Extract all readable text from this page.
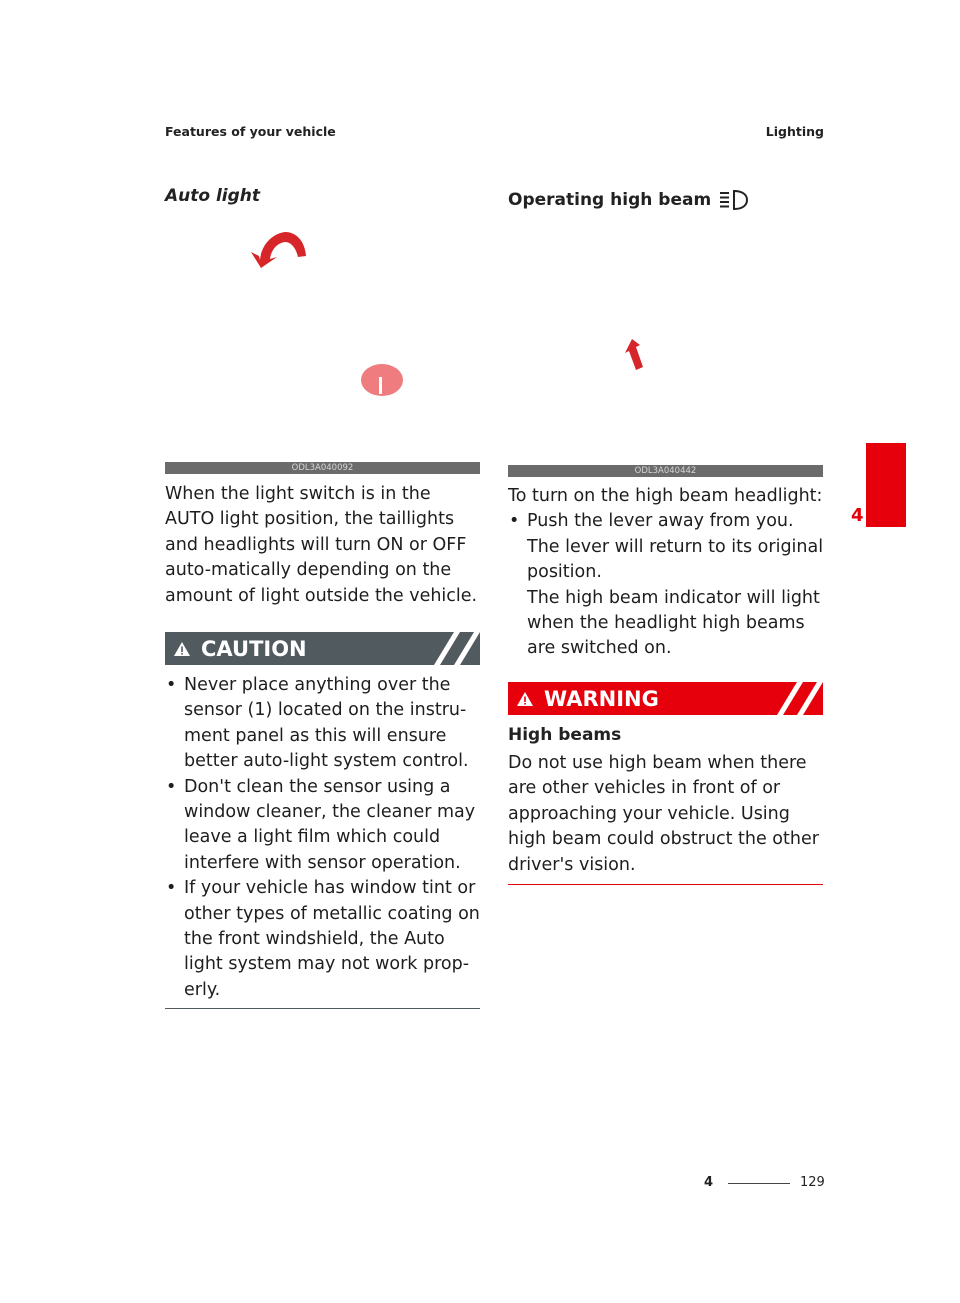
Features of your vehicle	Lighting
4
Auto light
ODL3A040092
When the light switch is in the AUTO light position, the taillights and headlights will turn ON or OFF auto-matically depending on the amount of light outside the vehicle.
CAUTION
• Never place anything over the sensor (1) located on the instru-ment panel as this will ensure better auto-light system control.
• Don't clean the sensor using a window cleaner, the cleaner may leave a light film which could interfere with sensor operation.
• If your vehicle has window tint or other types of metallic coating on the front windshield, the Auto light system may not work prop-erly.
Operating high beam
ODL3A040442

To turn on the high beam headlight:

• Push the lever away from you.
The lever will return to its original position.
The high beam indicator will light when the headlight high beams are switched on.
WARNING
High beams
Do not use high beam when there are other vehicles in front of or approaching your vehicle. Using high beam could obstruct the other driver's vision.
4	129
